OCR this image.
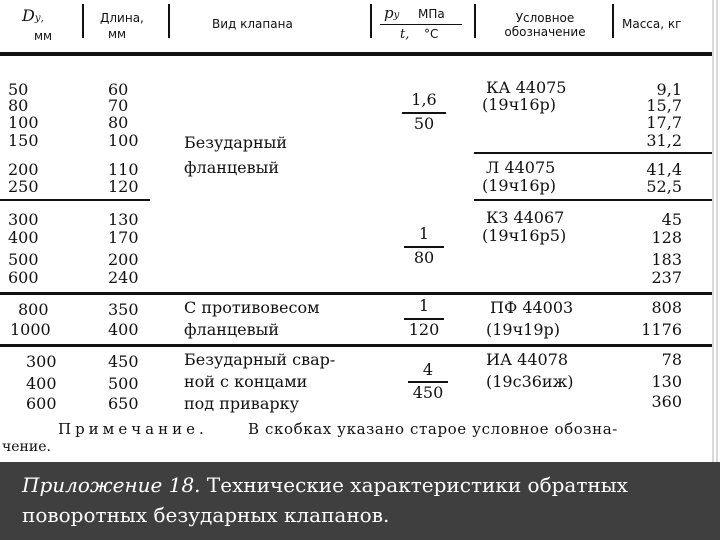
Dу,
мм
Длина,
мм
Вид клапана
pу МПа
t, °С
Условное
обозначение
Масса, кг
50
80
100
150
200
250
60
70
80
100
110
120
Безударный
фланцевый
1,6
50
КА 44075
(19ч16р)
Л 44075
(19ч16р)
9,1
15,7
17,7
31,2
41,4
52,5
300
400
500
600
130
170
200
240
1
80
КЗ 44067
(19ч16р5)
45
128
183
237
800
1000
350
400
С противовесом
фланцевый
1
120
ПФ 44003
(19ч19р)
808
1176
300
400
600
450
500
650
Безударный свар-
ной с концами
под приварку
4
450
ИА 44078
(19с36иж)
78
130
360
Примечание.	В скобках указано старое условное обозна-
чение.
Приложение 18. Технические характеристики обратных поворотных безударных клапанов.
